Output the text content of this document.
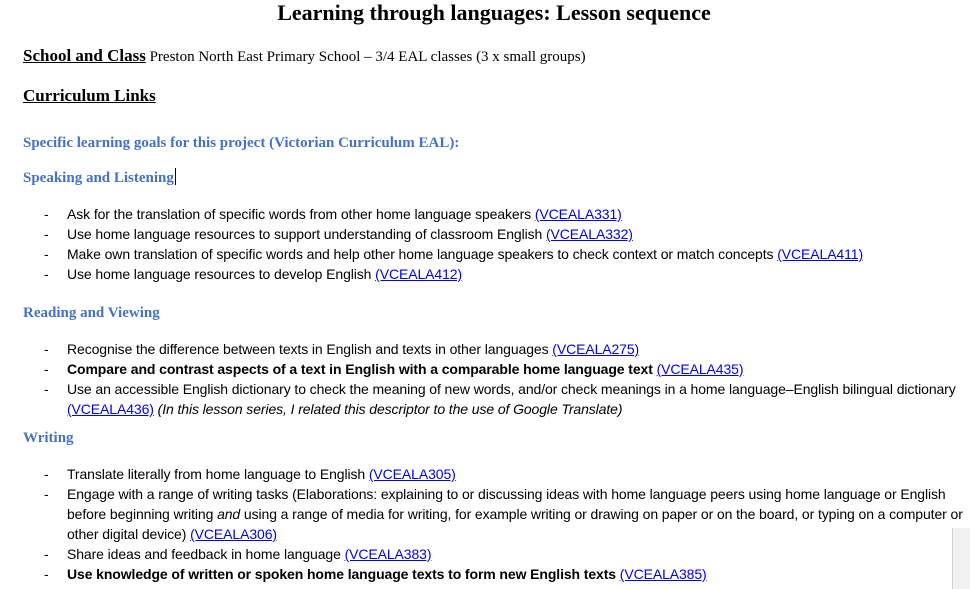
Learning through languages: Lesson sequence
School and Class Preston North East Primary School – 3/4 EAL classes (3 x small groups)
Curriculum Links
Specific learning goals for this project (Victorian Curriculum EAL):
Speaking and Listening
- Ask for the translation of specific words from other home language speakers (VCEALA331)
- Use home language resources to support understanding of classroom English (VCEALA332)
- Make own translation of specific words and help other home language speakers to check context or match concepts (VCEALA411)
- Use home language resources to develop English (VCEALA412)
Reading and Viewing
- Recognise the difference between texts in English and texts in other languages (VCEALA275)
- Compare and contrast aspects of a text in English with a comparable home language text (VCEALA435)
- Use an accessible English dictionary to check the meaning of new words, and/or check meanings in a home language–English bilingual dictionary (VCEALA436) (In this lesson series, I related this descriptor to the use of Google Translate)
Writing
- Translate literally from home language to English (VCEALA305)
- Engage with a range of writing tasks (Elaborations: explaining to or discussing ideas with home language peers using home language or English before beginning writing and using a range of media for writing, for example writing or drawing on paper or on the board, or typing on a computer or other digital device) (VCEALA306)
- Share ideas and feedback in home language (VCEALA383)
- Use knowledge of written or spoken home language texts to form new English texts (VCEALA385)
